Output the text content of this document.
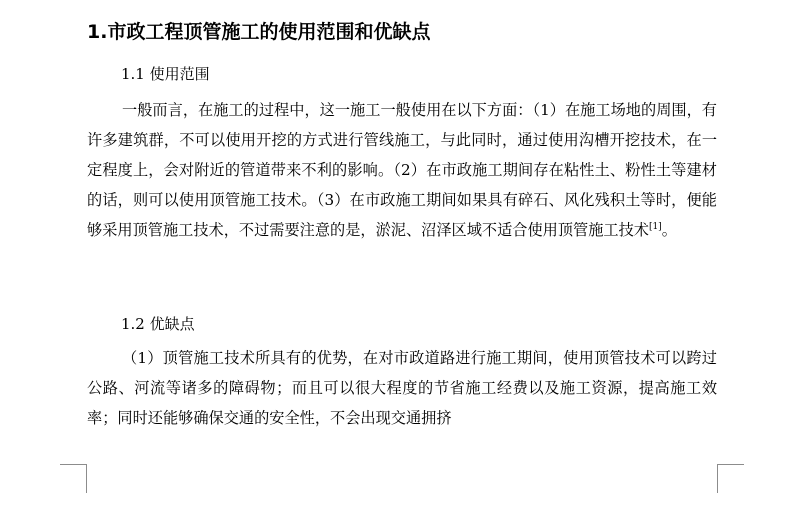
1.市政工程顶管施工的使用范围和优缺点
1.1 使用范围

一般而言，在施工的过程中，这一施工一般使用在以下方面：（1）在施工场地的周围，有许多建筑群，不可以使用开挖的方式进行管线施工，与此同时，通过使用沟槽开挖技术，在一定程度上，会对附近的管道带来不利的影响。（2）在市政施工期间存在粘性土、粉性土等建材的话，则可以使用顶管施工技术。（3）在市政施工期间如果具有碎石、风化残积土等时，便能够采用顶管施工技术，不过需要注意的是，淤泥、沼泽区域不适合使用顶管施工技术[1]。

1.2 优缺点

（1）顶管施工技术所具有的优势，在对市政道路进行施工期间，使用顶管技术可以跨过公路、河流等诸多的障碍物；而且可以很大程度的节省施工经费以及施工资源，提高施工效率；同时还能够确保交通的安全性，不会出现交通拥挤
